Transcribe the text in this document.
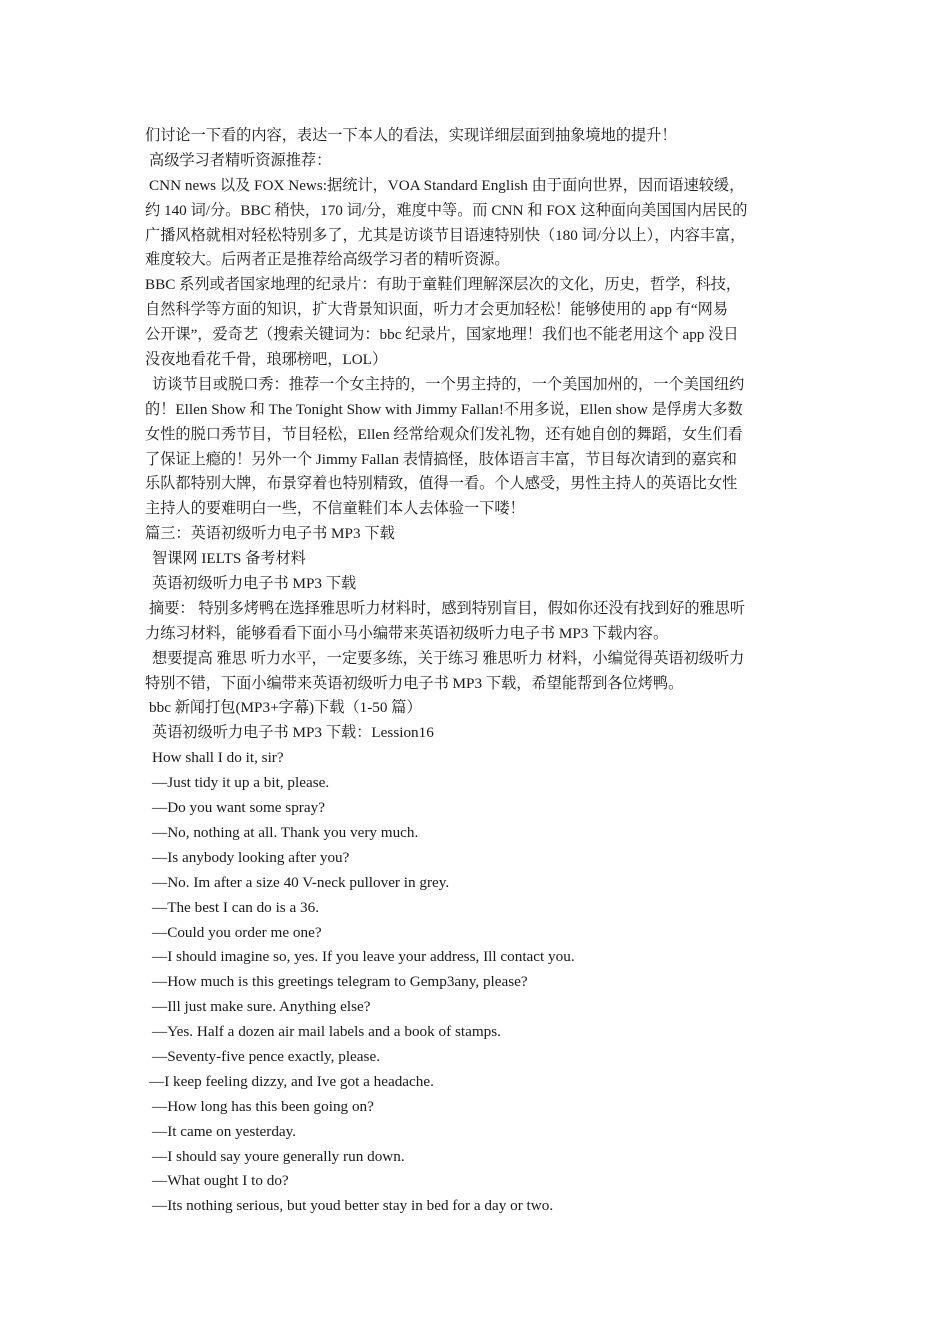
们讨论一下看的内容，表达一下本人的看法，实现详细层面到抽象境地的提升！
高级学习者精听资源推荐：
CNN news 以及 FOX News:据统计，VOA Standard English 由于面向世界，因而语速较缓，
约 140 词/分。BBC 稍快，170 词/分，难度中等。而 CNN 和 FOX 这种面向美国国内居民的
广播风格就相对轻松特别多了，尤其是访谈节目语速特别快（180 词/分以上），内容丰富，
难度较大。后两者正是推荐给高级学习者的精听资源。
BBC 系列或者国家地理的纪录片：有助于童鞋们理解深层次的文化，历史，哲学，科技，
自然科学等方面的知识，扩大背景知识面，听力才会更加轻松！能够使用的 app 有“网易
公开课”，爱奇艺（搜索关键词为：bbc 纪录片，国家地理！我们也不能老用这个 app 没日
没夜地看花千骨，琅琊榜吧，LOL）
访谈节目或脱口秀：推荐一个女主持的，一个男主持的，一个美国加州的，一个美国纽约
的！Ellen Show 和 The Tonight Show with Jimmy Fallan!不用多说，Ellen show 是俘虏大多数
女性的脱口秀节目，节目轻松，Ellen 经常给观众们发礼物，还有她自创的舞蹈，女生们看
了保证上瘾的！另外一个 Jimmy Fallan 表情搞怪，肢体语言丰富，节目每次请到的嘉宾和
乐队都特别大牌，布景穿着也特别精致，值得一看。个人感受，男性主持人的英语比女性
主持人的要难明白一些，不信童鞋们本人去体验一下喽！
篇三：英语初级听力电子书 MP3 下载
智课网 IELTS 备考材料
英语初级听力电子书 MP3 下载
摘要： 特别多烤鸭在选择雅思听力材料时，感到特别盲目，假如你还没有找到好的雅思听
力练习材料，能够看看下面小马小编带来英语初级听力电子书 MP3 下载内容。
想要提高 雅思 听力水平，一定要多练，关于练习 雅思听力 材料，小编觉得英语初级听力
特别不错，下面小编带来英语初级听力电子书 MP3 下载，希望能帮到各位烤鸭。
bbc 新闻打包(MP3+字幕)下载（1-50 篇）
英语初级听力电子书 MP3 下载：Lession16
How shall I do it, sir?
—Just tidy it up a bit, please.
—Do you want some spray?
—No, nothing at all. Thank you very much.
—Is anybody looking after you?
—No. Im after a size 40 V-neck pullover in grey.
—The best I can do is a 36.
—Could you order me one?
—I should imagine so, yes. If you leave your address, Ill contact you.
—How much is this greetings telegram to Gemp3any, please?
—Ill just make sure. Anything else?
—Yes. Half a dozen air mail labels and a book of stamps.
—Seventy-five pence exactly, please.
—I keep feeling dizzy, and Ive got a headache.
—How long has this been going on?
—It came on yesterday.
—I should say youre generally run down.
—What ought I to do?
—Its nothing serious, but youd better stay in bed for a day or two.
